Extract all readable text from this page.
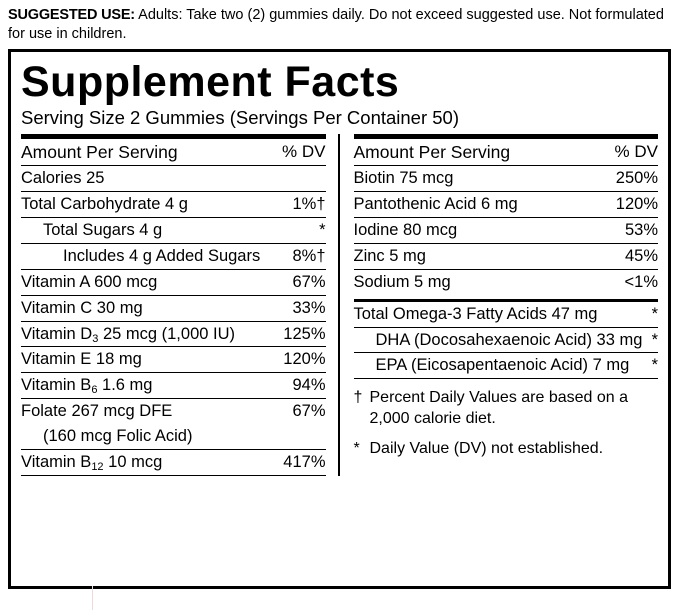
SUGGESTED USE: Adults: Take two (2) gummies daily. Do not exceed suggested use. Not formulated for use in children.
Supplement Facts
Serving Size 2 Gummies (Servings Per Container 50)
Amount Per Serving	% DV
Calories 25	
Total Carbohydrate 4 g	1%†
Total Sugars 4 g	*
Includes 4 g Added Sugars	8%†
Vitamin A 600 mcg	67%
Vitamin C 30 mg	33%
Vitamin $D_3$ 25 mcg (1,000 IU)	125%
Vitamin E 18 mg	120%
Vitamin $B_6$ 1.6 mg	94%
Folate 267 mcg DFE	67%
(160 mcg Folic Acid)	
Vitamin $B_{12}$ 10 mcg	417%
Amount Per Serving	% DV
Biotin 75 mcg	250%
Pantothenic Acid 6 mg	120%
Iodine 80 mcg	53%
Zinc 5 mg	45%
Sodium 5 mg	<1%
Total Omega-3 Fatty Acids 47 mg	*
DHA (Docosahexaenoic Acid) 33 mg	*
EPA (Eicosapentaenoic Acid) 7 mg	*
† Percent Daily Values are based on a 2,000 calorie diet.
* Daily Value (DV) not established.
